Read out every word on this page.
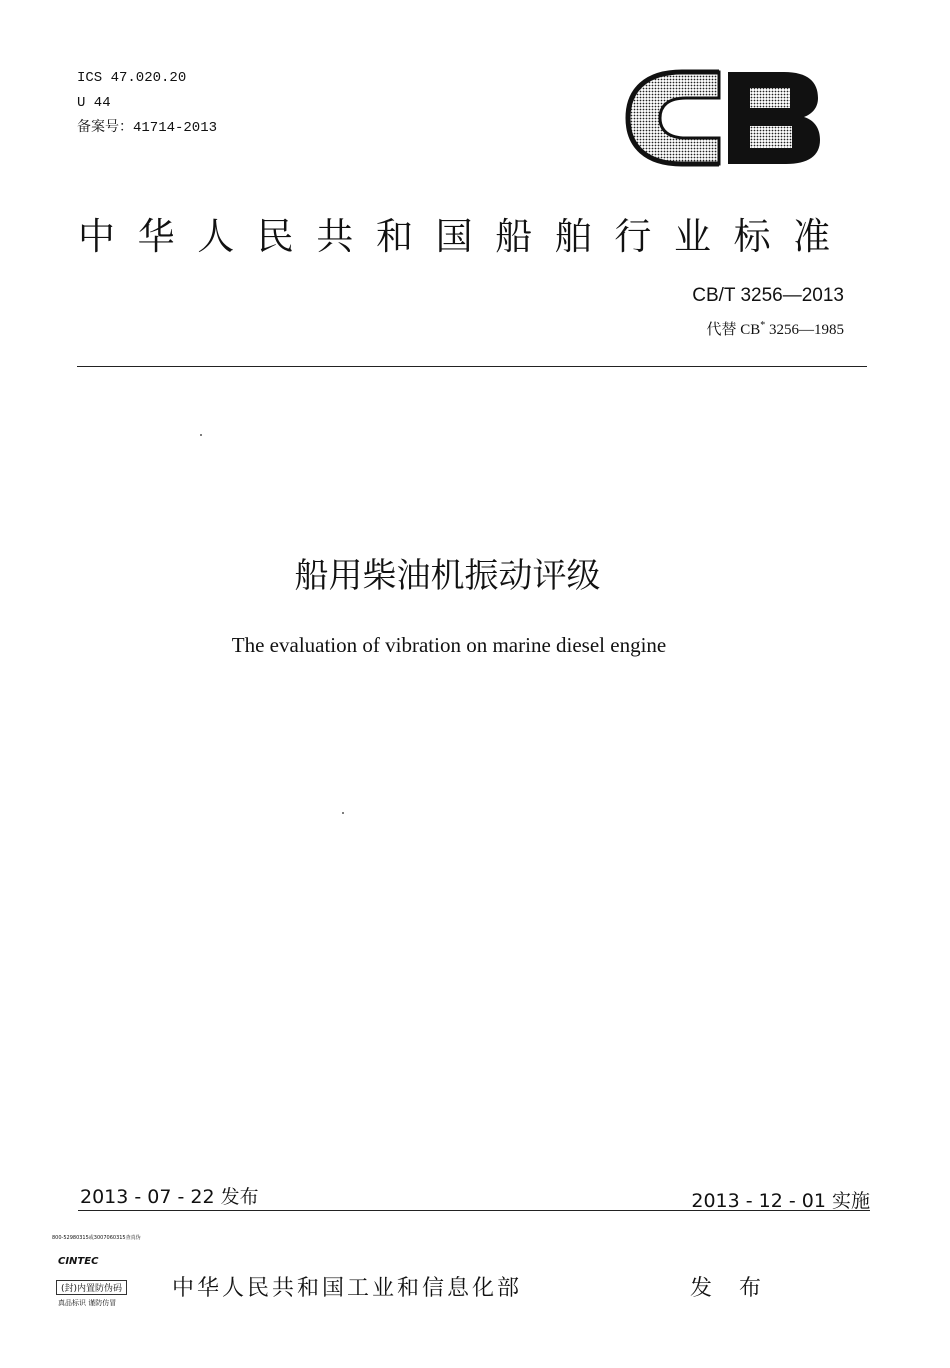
ICS 47.020.20
U 44
备案号：41714-2013
中华人民共和国船舶行业标准
CB/T 3256—2013
代替 CB* 3256—1985
船用柴油机振动评级
The evaluation of vibration on marine diesel engine
2013 - 07 - 22 发布	2013 - 12 - 01 实施
800-52980315或3007060315查真伪
CINTEC
(封)内置防伪码
真品标识 谨防仿冒
中华人民共和国工业和信息化部	发 布
